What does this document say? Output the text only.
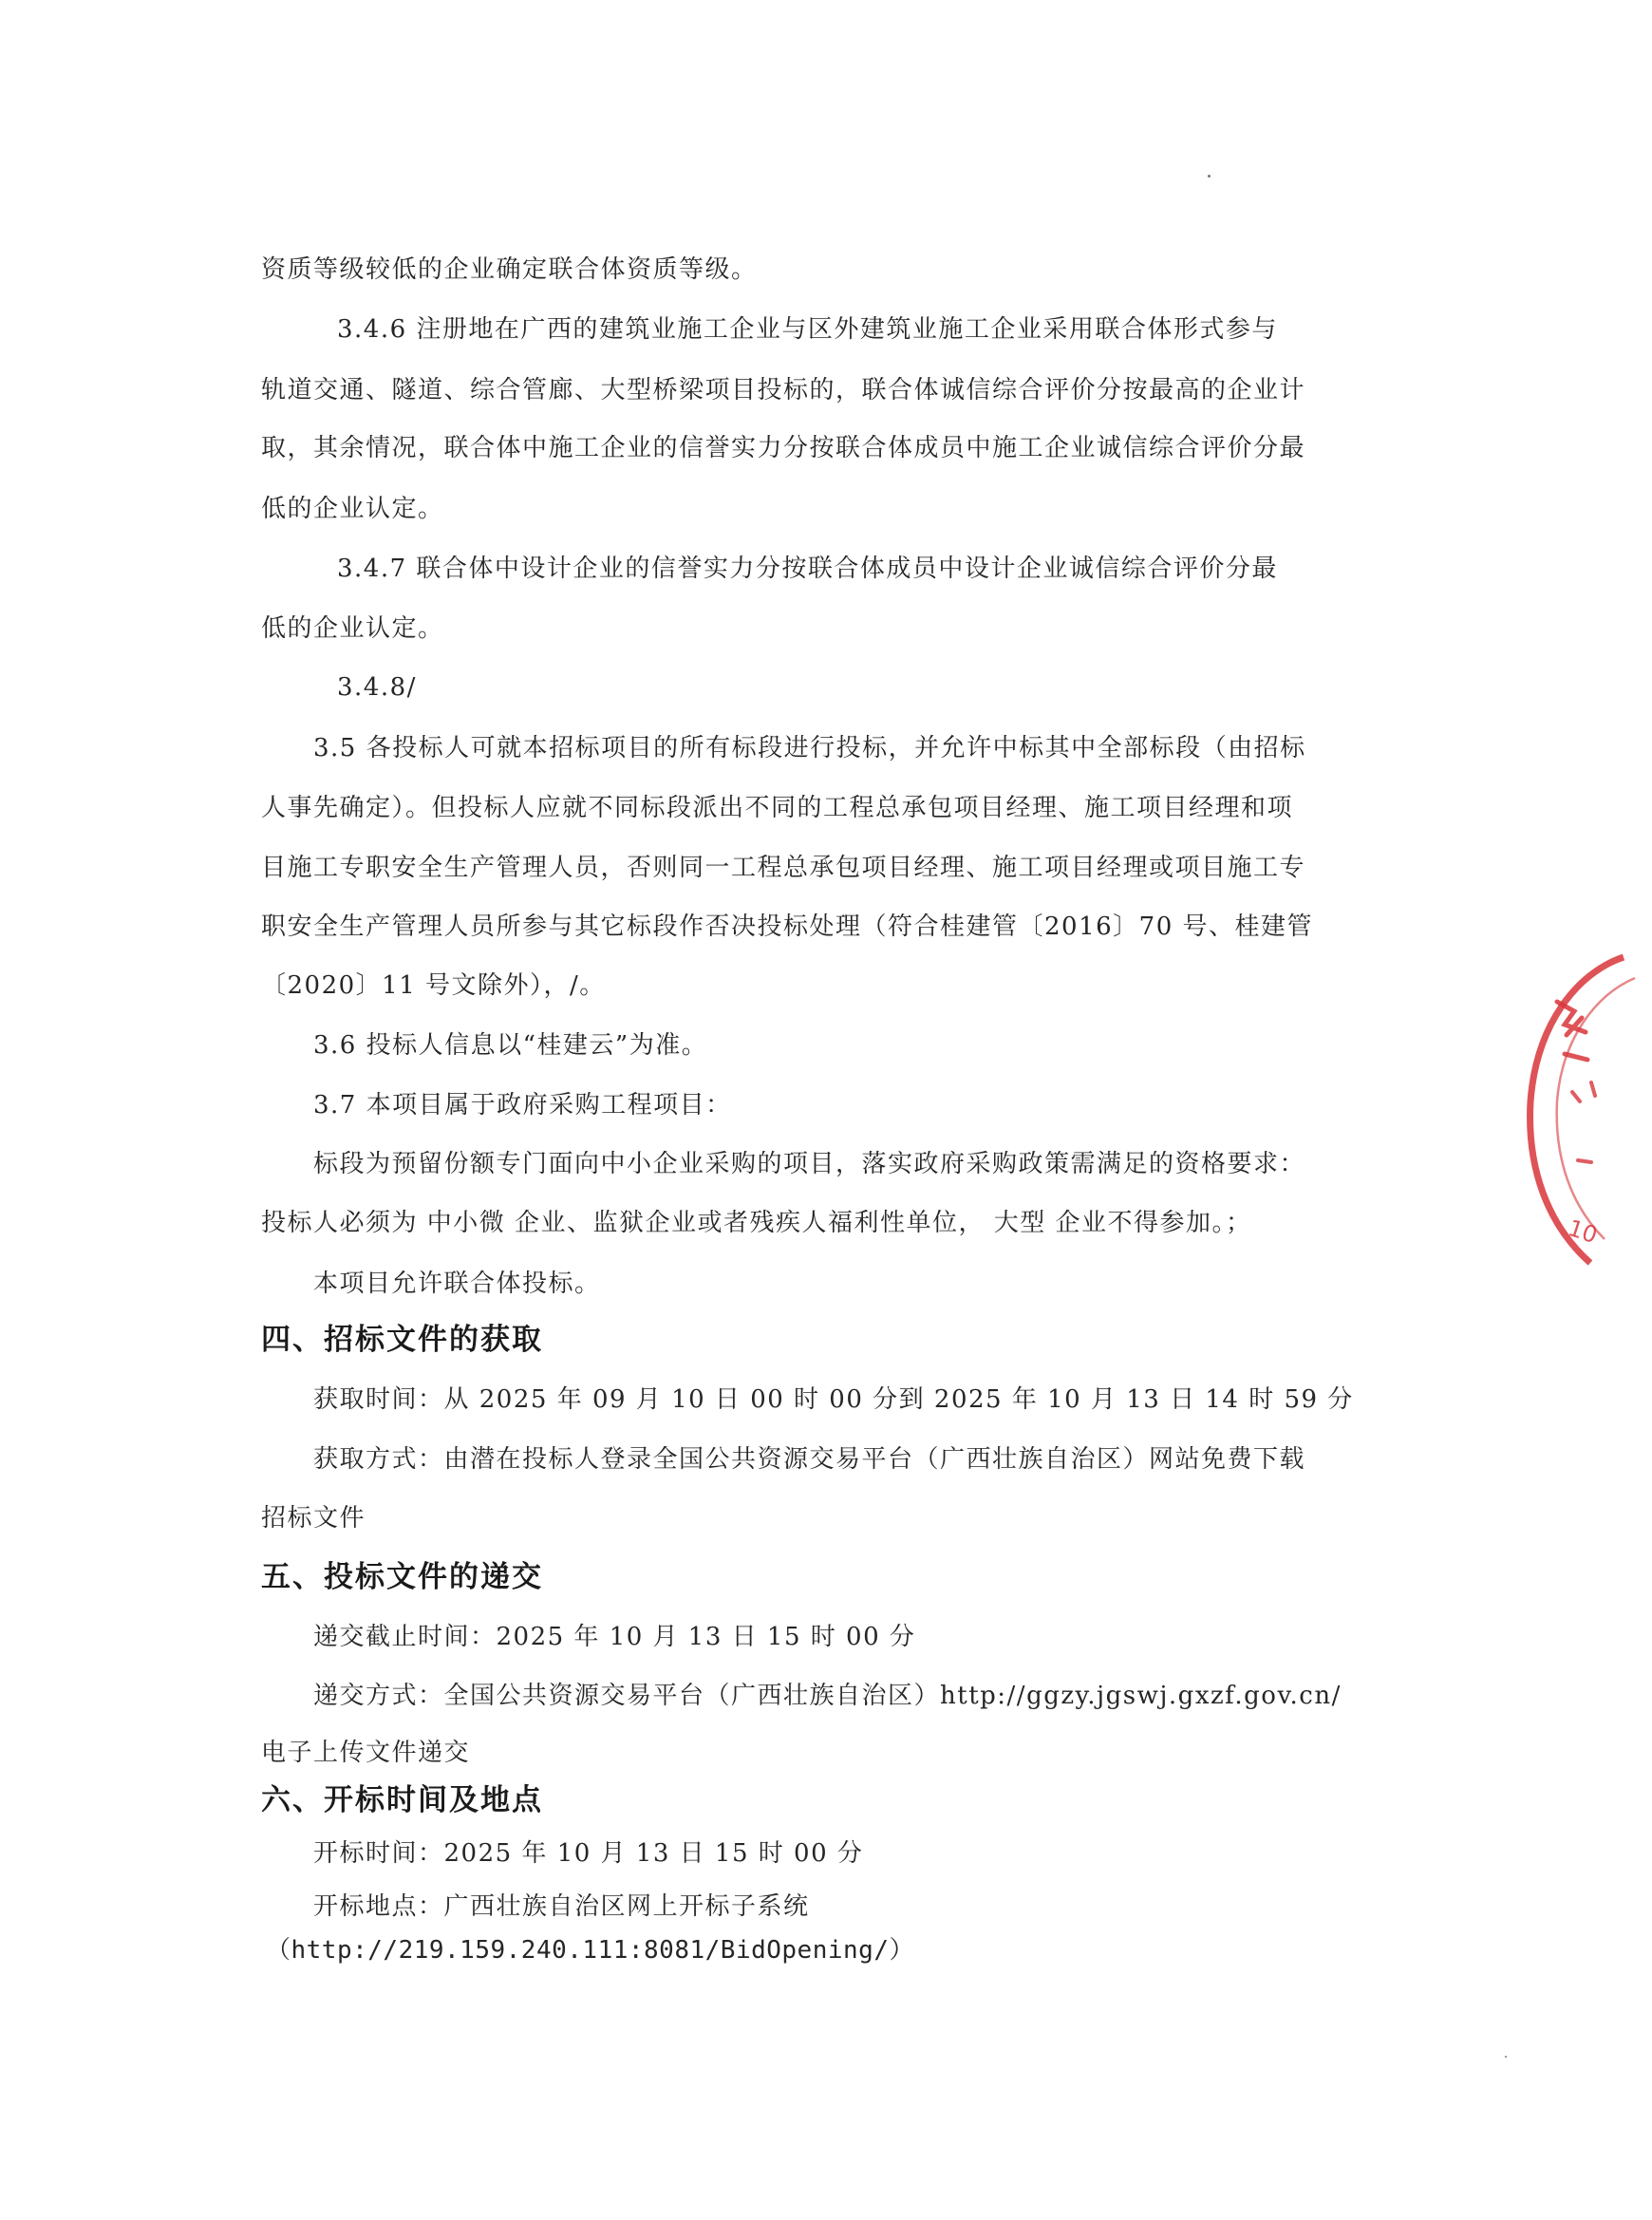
资质等级较低的企业确定联合体资质等级。
3.4.6 注册地在广西的建筑业施工企业与区外建筑业施工企业采用联合体形式参与
轨道交通、隧道、综合管廊、大型桥梁项目投标的，联合体诚信综合评价分按最高的企业计
取，其余情况，联合体中施工企业的信誉实力分按联合体成员中施工企业诚信综合评价分最
低的企业认定。
3.4.7 联合体中设计企业的信誉实力分按联合体成员中设计企业诚信综合评价分最
低的企业认定。
3.4.8/
3.5 各投标人可就本招标项目的所有标段进行投标，并允许中标其中全部标段（由招标
人事先确定）。但投标人应就不同标段派出不同的工程总承包项目经理、施工项目经理和项
目施工专职安全生产管理人员，否则同一工程总承包项目经理、施工项目经理或项目施工专
职安全生产管理人员所参与其它标段作否决投标处理（符合桂建管〔2016〕70 号、桂建管
〔2020〕11 号文除外），/。
3.6 投标人信息以“桂建云”为准。
3.7 本项目属于政府采购工程项目：
标段为预留份额专门面向中小企业采购的项目，落实政府采购政策需满足的资格要求：
投标人必须为 中小微 企业、监狱企业或者残疾人福利性单位， 大型 企业不得参加。；
本项目允许联合体投标。
四、招标文件的获取
获取时间：从 2025 年 09 月 10 日 00 时 00 分到 2025 年 10 月 13 日 14 时 59 分
获取方式：由潜在投标人登录全国公共资源交易平台（广西壮族自治区）网站免费下载
招标文件
五、投标文件的递交
递交截止时间：2025 年 10 月 13 日 15 时 00 分
递交方式：全国公共资源交易平台（广西壮族自治区）http://ggzy.jgswj.gxzf.gov.cn/
电子上传文件递交
六、开标时间及地点
开标时间：2025 年 10 月 13 日 15 时 00 分
开标地点：广西壮族自治区网上开标子系统
（http://219.159.240.111:8081/BidOpening/）
10
